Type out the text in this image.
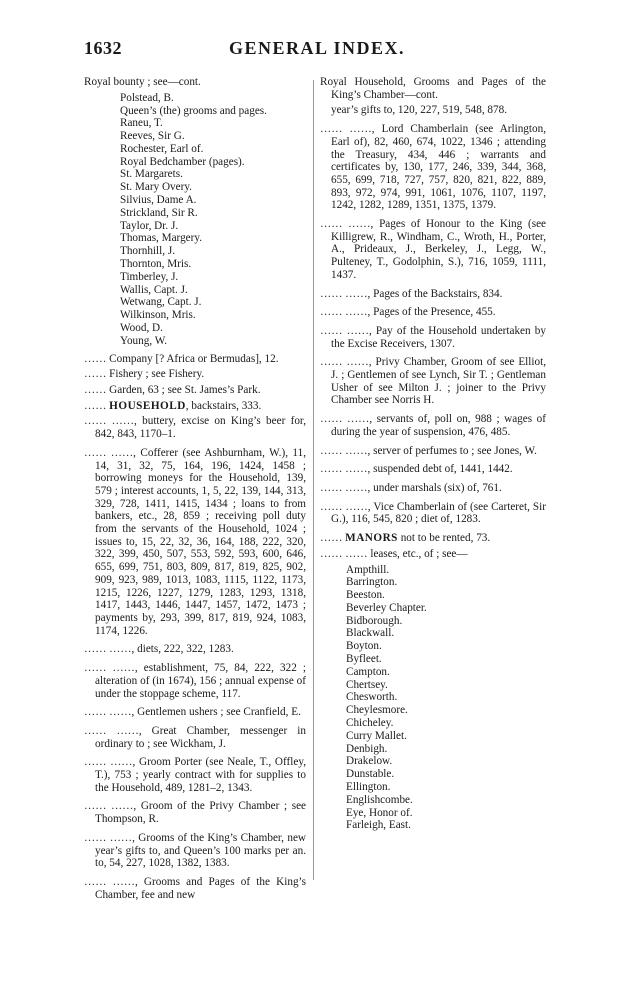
1632	GENERAL INDEX.
Royal bounty ; see—cont.
Polstead, B.
Queen’s (the) grooms and pages.
Raneu, T.
Reeves, Sir G.
Rochester, Earl of.
Royal Bedchamber (pages).
St. Margarets.
St. Mary Overy.
Silvius, Dame A.
Strickland, Sir R.
Taylor, Dr. J.
Thomas, Margery.
Thornhill, J.
Thornton, Mris.
Timberley, J.
Wallis, Capt. J.
Wetwang, Capt. J.
Wilkinson, Mris.
Wood, D.
Young, W.
…… Company [? Africa or Bermudas], 12.
…… Fishery ; see Fishery.
…… Garden, 63 ; see St. James’s Park.
…… HOUSEHOLD, backstairs, 333.
…… ……, buttery, excise on King’s beer for, 842, 843, 1170–1.
…… ……, Cofferer (see Ashburnham, W.), 11, 14, 31, 32, 75, 164, 196, 1424, 1458 ; borrowing moneys for the Household, 139, 579 ; interest accounts, 1, 5, 22, 139, 144, 313, 329, 728, 1411, 1415, 1434 ; loans to from bankers, etc., 28, 859 ; receiving poll duty from the servants of the Household, 1024 ; issues to, 15, 22, 32, 36, 164, 188, 222, 320, 322, 399, 450, 507, 553, 592, 593, 600, 646, 655, 699, 751, 803, 809, 817, 819, 825, 902, 909, 923, 989, 1013, 1083, 1115, 1122, 1173, 1215, 1226, 1227, 1279, 1283, 1293, 1318, 1417, 1443, 1446, 1447, 1457, 1472, 1473 ; payments by, 293, 399, 817, 819, 924, 1083, 1174, 1226.
…… ……, diets, 222, 322, 1283.
…… ……, establishment, 75, 84, 222, 322 ; alteration of (in 1674), 156 ; annual expense of under the stoppage scheme, 117.
…… ……, Gentlemen ushers ; see Cranfield, E.
…… ……, Great Chamber, messenger in ordinary to ; see Wickham, J.
…… ……, Groom Porter (see Neale, T., Offley, T.), 753 ; yearly contract with for supplies to the Household, 489, 1281–2, 1343.
…… ……, Groom of the Privy Chamber ; see Thompson, R.
…… ……, Grooms of the King’s Chamber, new year’s gifts to, and Queen’s 100 marks per an. to, 54, 227, 1028, 1382, 1383.
…… ……, Grooms and Pages of the King’s Chamber, fee and new
Royal Household, Grooms and Pages of the King’s Chamber—cont.
year’s gifts to, 120, 227, 519, 548, 878.
…… ……, Lord Chamberlain (see Arlington, Earl of), 82, 460, 674, 1022, 1346 ; attending the Treasury, 434, 446 ; warrants and certificates by, 130, 177, 246, 339, 344, 368, 655, 699, 718, 727, 757, 820, 821, 822, 889, 893, 972, 974, 991, 1061, 1076, 1107, 1197, 1242, 1282, 1289, 1351, 1375, 1379.
…… ……, Pages of Honour to the King (see Killigrew, R., Windham, C., Wroth, H., Porter, A., Prideaux, J., Berkeley, J., Legg, W., Pulteney, T., Godolphin, S.), 716, 1059, 1111, 1437.
…… ……, Pages of the Backstairs, 834.
…… ……, Pages of the Presence, 455.
…… ……, Pay of the Household undertaken by the Excise Receivers, 1307.
…… ……, Privy Chamber, Groom of see Elliot, J. ; Gentlemen of see Lynch, Sir T. ; Gentleman Usher of see Milton J. ; joiner to the Privy Chamber see Norris H.
…… ……, servants of, poll on, 988 ; wages of during the year of suspension, 476, 485.
…… ……, server of perfumes to ; see Jones, W.
…… ……, suspended debt of, 1441, 1442.
…… ……, under marshals (six) of, 761.
…… ……, Vice Chamberlain of (see Carteret, Sir G.), 116, 545, 820 ; diet of, 1283.
…… MANORS not to be rented, 73.
…… …… leases, etc., of ; see—
Ampthill.
Barrington.
Beeston.
Beverley Chapter.
Bidborough.
Blackwall.
Boyton.
Byfleet.
Campton.
Chertsey.
Chesworth.
Cheylesmore.
Chicheley.
Curry Mallet.
Denbigh.
Drakelow.
Dunstable.
Ellington.
Englishcombe.
Eye, Honor of.
Farleigh, East.
